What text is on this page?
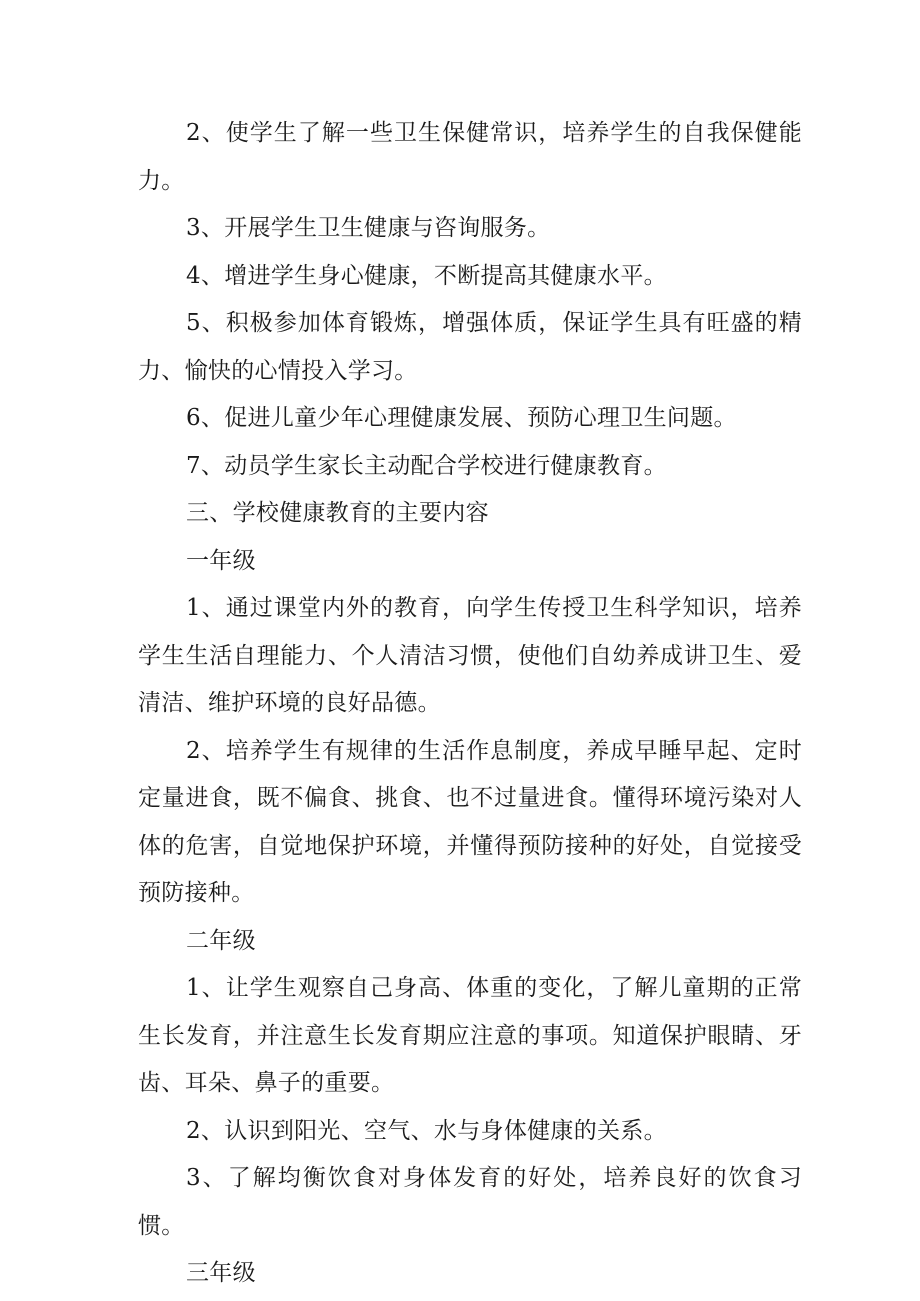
2、使学生了解一些卫生保健常识，培养学生的自我保健能力。

3、开展学生卫生健康与咨询服务。

4、增进学生身心健康，不断提高其健康水平。

5、积极参加体育锻炼，增强体质，保证学生具有旺盛的精力、愉快的心情投入学习。

6、促进儿童少年心理健康发展、预防心理卫生问题。

7、动员学生家长主动配合学校进行健康教育。

三、学校健康教育的主要内容

一年级

1、通过课堂内外的教育，向学生传授卫生科学知识，培养学生生活自理能力、个人清洁习惯，使他们自幼养成讲卫生、爱清洁、维护环境的良好品德。

2、培养学生有规律的生活作息制度，养成早睡早起、定时定量进食，既不偏食、挑食、也不过量进食。懂得环境污染对人体的危害，自觉地保护环境，并懂得预防接种的好处，自觉接受预防接种。

二年级

1、让学生观察自己身高、体重的变化，了解儿童期的正常生长发育，并注意生长发育期应注意的事项。知道保护眼睛、牙齿、耳朵、鼻子的重要。

2、认识到阳光、空气、水与身体健康的关系。

3、了解均衡饮食对身体发育的好处，培养良好的饮食习惯。

三年级
